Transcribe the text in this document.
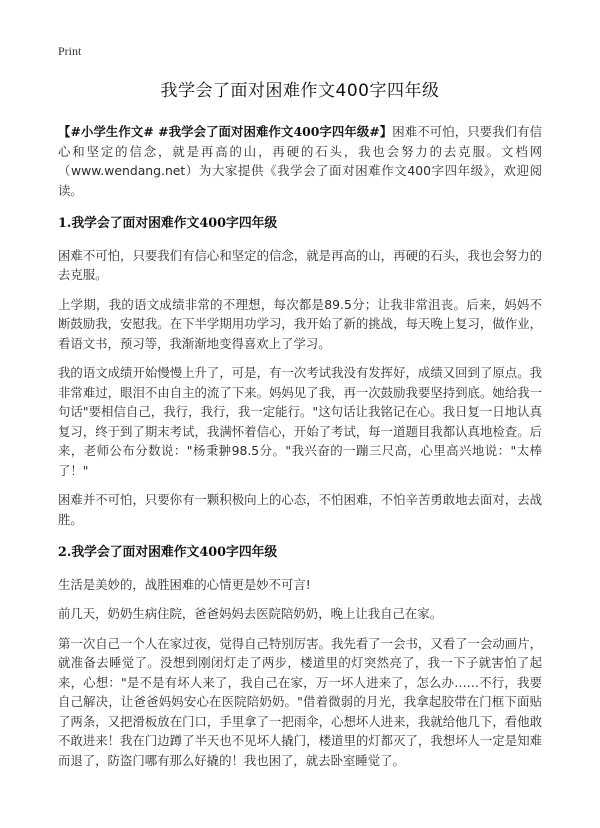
Print
我学会了面对困难作文400字四年级

【#小学生作文# #我学会了面对困难作文400字四年级#】困难不可怕，只要我们有信心和坚定的信念，就是再高的山，再硬的石头，我也会努力的去克服。文档网（www.wendang.net）为大家提供《我学会了面对困难作文400字四年级》，欢迎阅读。

1.我学会了面对困难作文400字四年级

困难不可怕，只要我们有信心和坚定的信念，就是再高的山，再硬的石头，我也会努力的去克服。

上学期，我的语文成绩非常的不理想，每次都是89.5分；让我非常沮丧。后来，妈妈不断鼓励我，安慰我。在下半学期用功学习，我开始了新的挑战，每天晚上复习，做作业，看语文书，预习等，我渐渐地变得喜欢上了学习。

我的语文成绩开始慢慢上升了，可是，有一次考试我没有发挥好，成绩又回到了原点。我非常难过，眼泪不由自主的流了下来。妈妈见了我，再一次鼓励我要坚持到底。她给我一句话"要相信自己，我行，我行，我一定能行。"这句话让我铭记在心。我日复一日地认真复习，终于到了期末考试，我满怀着信心，开始了考试，每一道题目我都认真地检查。后来，老师公布分数说："杨秉翀98.5分。"我兴奋的一蹦三尺高，心里高兴地说："太棒了！"

困难并不可怕，只要你有一颗积极向上的心态，不怕困难，不怕辛苦勇敢地去面对，去战胜。

2.我学会了面对困难作文400字四年级

生活是美妙的，战胜困难的心情更是妙不可言!

前几天，奶奶生病住院，爸爸妈妈去医院陪奶奶，晚上让我自己在家。

第一次自己一个人在家过夜，觉得自己特别厉害。我先看了一会书，又看了一会动画片，就准备去睡觉了。没想到刚闭灯走了两步，楼道里的灯突然亮了，我一下子就害怕了起来，心想："是不是有坏人来了，我自己在家，万一坏人进来了，怎么办……不行，我要自己解决，让爸爸妈妈安心在医院陪奶奶。"借着微弱的月光，我拿起胶带在门框下面贴了两条，又把滑板放在门口，手里拿了一把雨伞，心想坏人进来，我就给他几下，看他敢不敢进来！我在门边蹲了半天也不见坏人撬门，楼道里的灯都灭了，我想坏人一定是知难而退了，防盗门哪有那么好撬的！我也困了，就去卧室睡觉了。
